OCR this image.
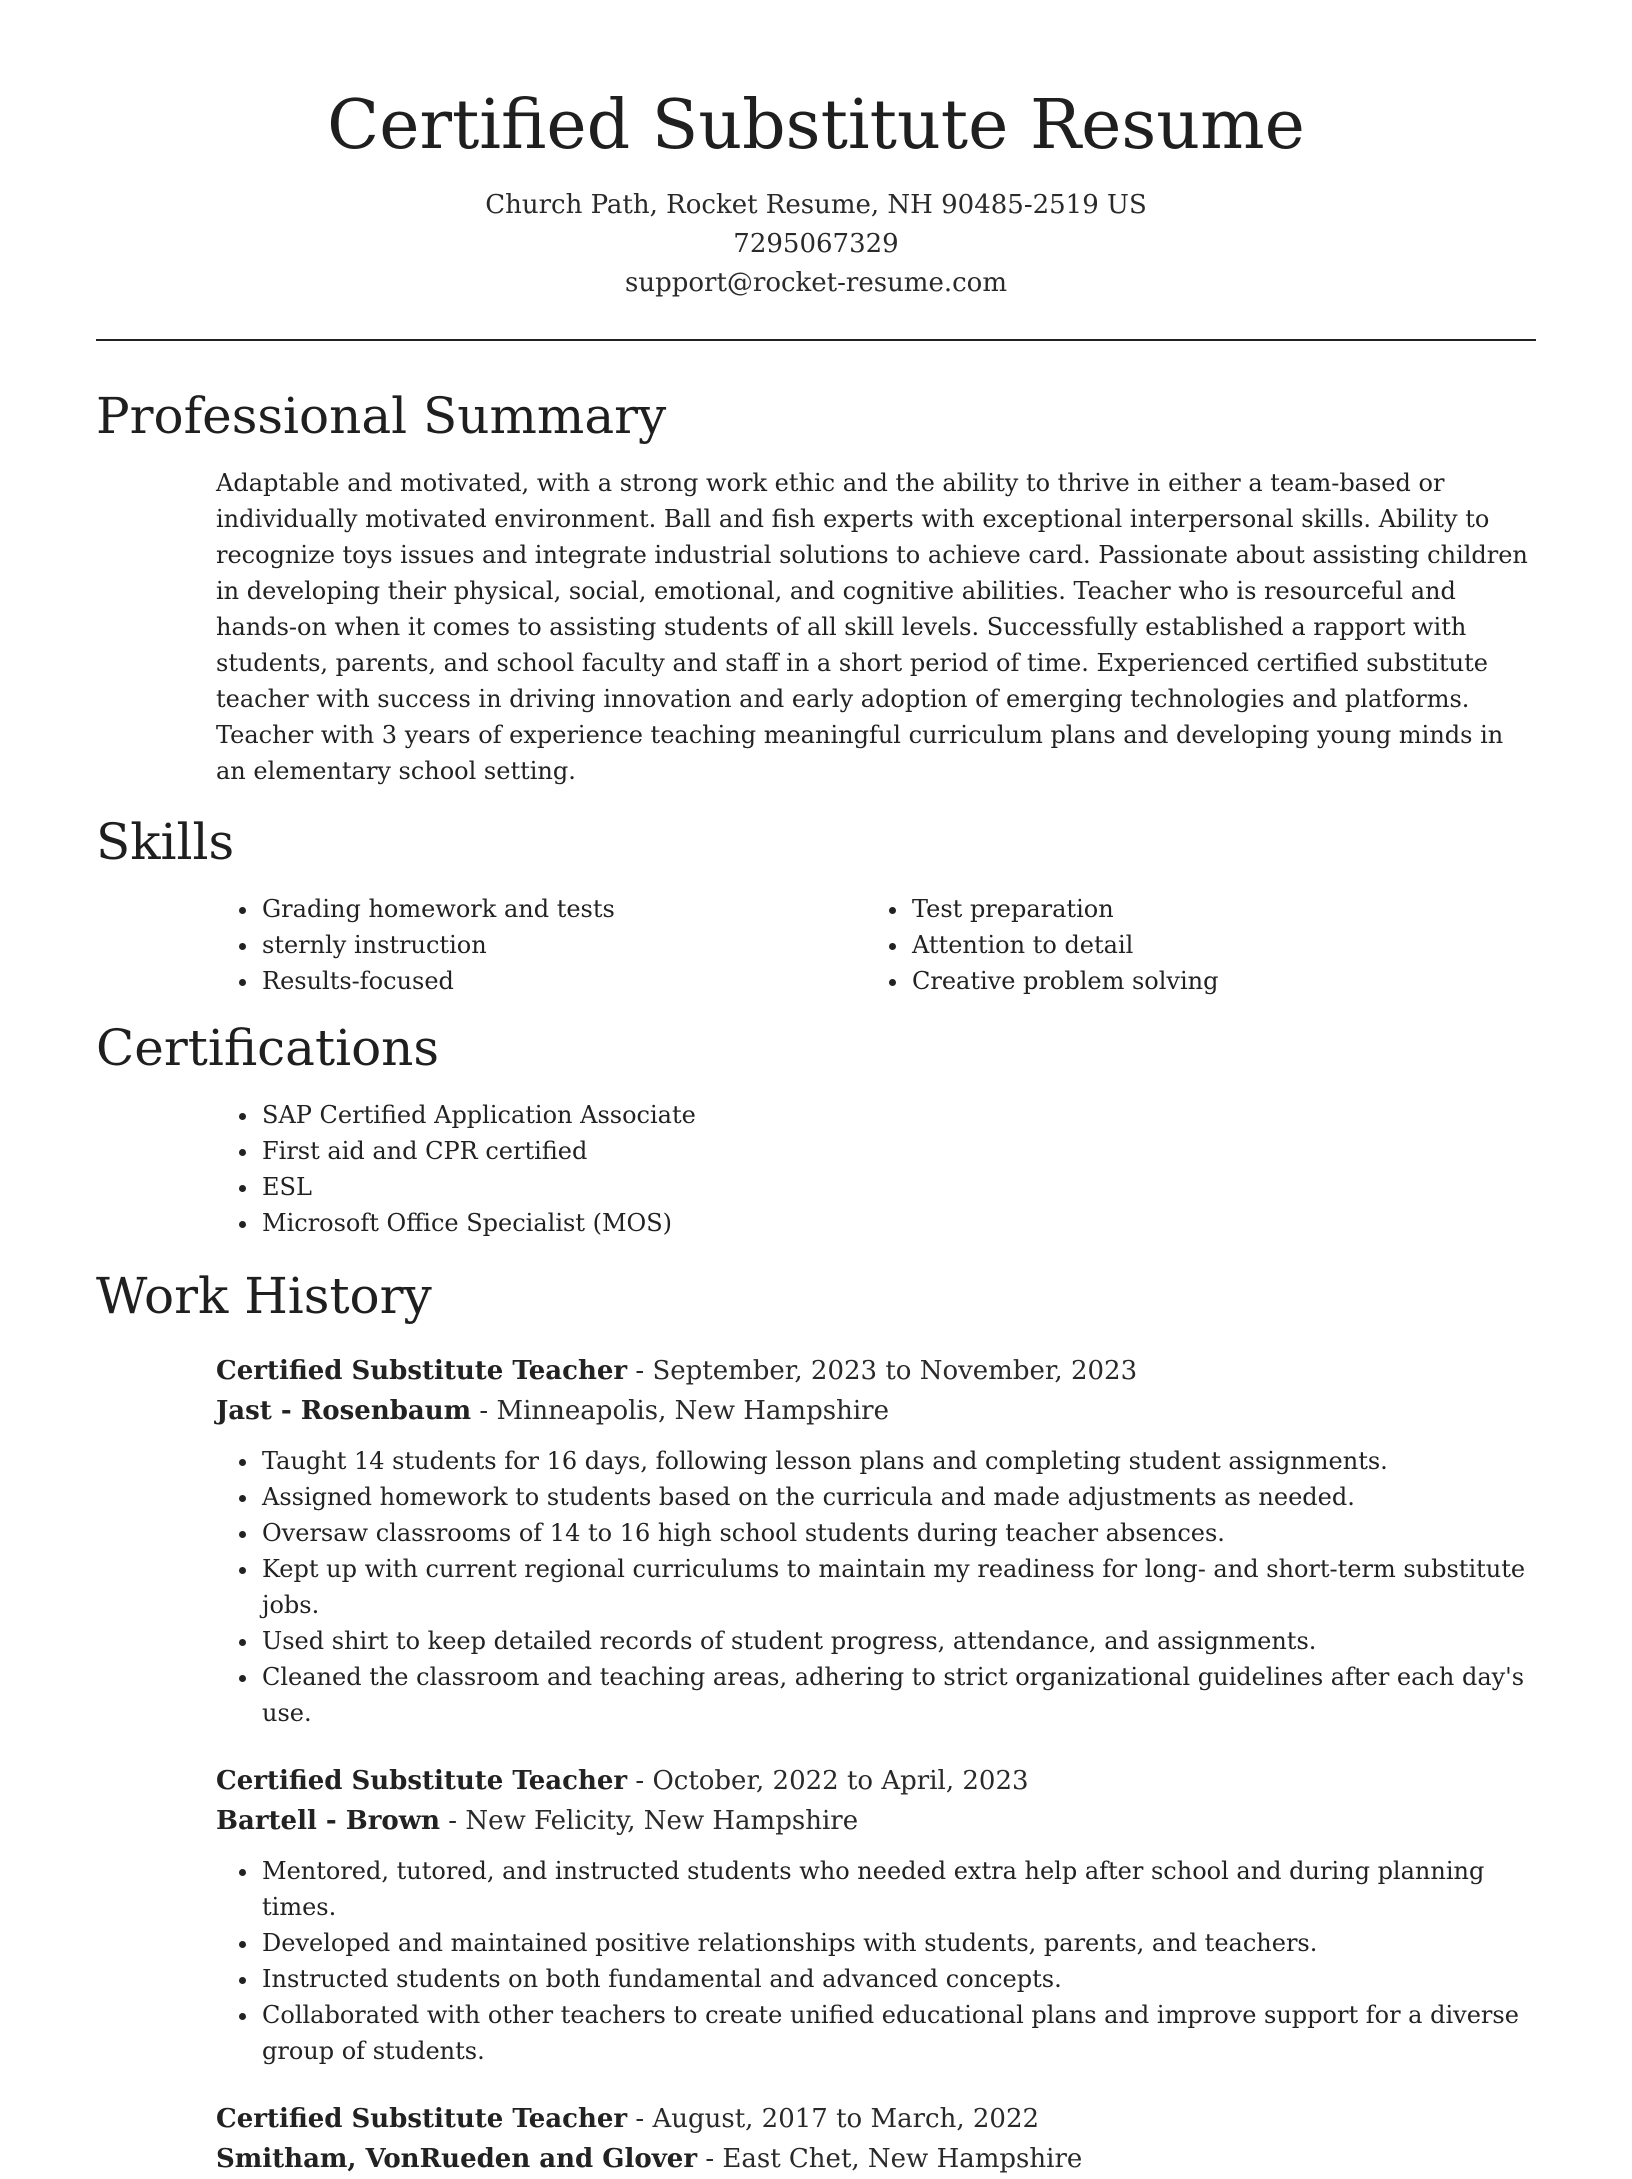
Certified Substitute Resume
Church Path, Rocket Resume, NH 90485-2519 US
7295067329
support@rocket-resume.com
Professional Summary

Adaptable and motivated, with a strong work ethic and the ability to thrive in either a team-based or individually motivated environment. Ball and fish experts with exceptional interpersonal skills. Ability to recognize toys issues and integrate industrial solutions to achieve card. Passionate about assisting children in developing their physical, social, emotional, and cognitive abilities. Teacher who is resourceful and hands-on when it comes to assisting students of all skill levels. Successfully established a rapport with students, parents, and school faculty and staff in a short period of time. Experienced certified substitute teacher with success in driving innovation and early adoption of emerging technologies and platforms. Teacher with 3 years of experience teaching meaningful curriculum plans and developing young minds in an elementary school setting.

Skills
• Grading homework and tests
• sternly instruction
• Results-focused
• Test preparation
• Attention to detail
• Creative problem solving
Certifications
• SAP Certified Application Associate
• First aid and CPR certified
• ESL
• Microsoft Office Specialist (MOS)
Work History
Certified Substitute Teacher - September, 2023 to November, 2023
Jast - Rosenbaum - Minneapolis, New Hampshire
• Taught 14 students for 16 days, following lesson plans and completing student assignments.
• Assigned homework to students based on the curricula and made adjustments as needed.
• Oversaw classrooms of 14 to 16 high school students during teacher absences.
• Kept up with current regional curriculums to maintain my readiness for long- and short-term substitute jobs.
• Used shirt to keep detailed records of student progress, attendance, and assignments.
• Cleaned the classroom and teaching areas, adhering to strict organizational guidelines after each day's use.
Certified Substitute Teacher - October, 2022 to April, 2023
Bartell - Brown - New Felicity, New Hampshire
• Mentored, tutored, and instructed students who needed extra help after school and during planning times.
• Developed and maintained positive relationships with students, parents, and teachers.
• Instructed students on both fundamental and advanced concepts.
• Collaborated with other teachers to create unified educational plans and improve support for a diverse group of students.
Certified Substitute Teacher - August, 2017 to March, 2022
Smitham, VonRueden and Glover - East Chet, New Hampshire
